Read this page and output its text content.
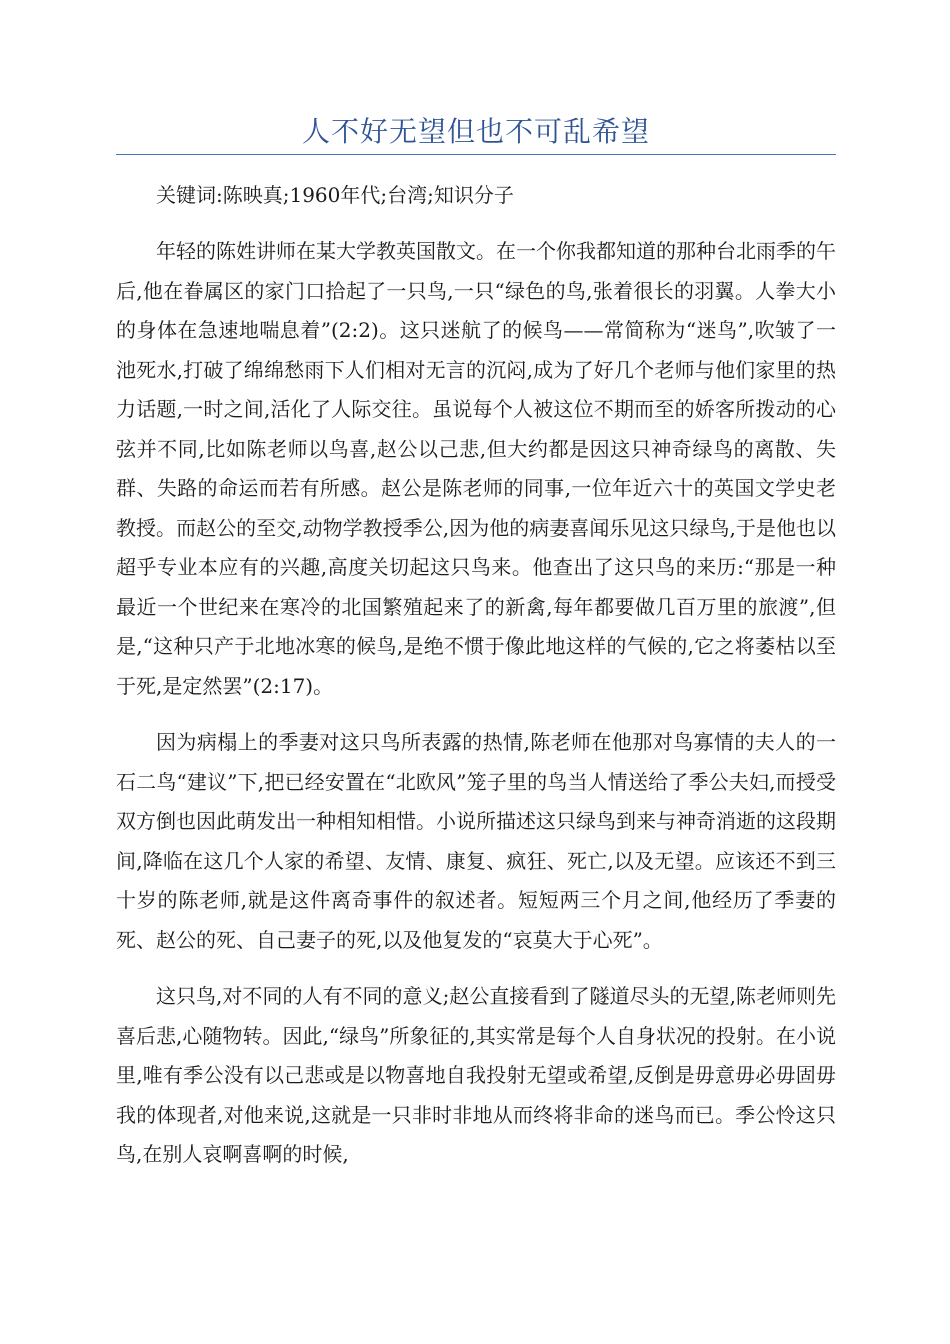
人不好无望但也不可乱希望

关键词:陈映真;1960年代;台湾;知识分子

年轻的陈姓讲师在某大学教英国散文。在一个你我都知道的那种台北雨季的午后,他在眷属区的家门口拾起了一只鸟,一只“绿色的鸟,张着很长的羽翼。人拳大小的身体在急速地喘息着”(2:2)。这只迷航了的候鸟——常简称为“迷鸟”,吹皱了一池死水,打破了绵绵愁雨下人们相对无言的沉闷,成为了好几个老师与他们家里的热力话题,一时之间,活化了人际交往。虽说每个人被这位不期而至的娇客所拨动的心弦并不同,比如陈老师以鸟喜,赵公以己悲,但大约都是因这只神奇绿鸟的离散、失群、失路的命运而若有所感。赵公是陈老师的同事,一位年近六十的英国文学史老教授。而赵公的至交,动物学教授季公,因为他的病妻喜闻乐见这只绿鸟,于是他也以超乎专业本应有的兴趣,高度关切起这只鸟来。他查出了这只鸟的来历:“那是一种最近一个世纪来在寒冷的北国繁殖起来了的新禽,每年都要做几百万里的旅渡”,但是,“这种只产于北地冰寒的候鸟,是绝不惯于像此地这样的气候的,它之将萎枯以至于死,是定然罢”(2:17)。

因为病榻上的季妻对这只鸟所表露的热情,陈老师在他那对鸟寡情的夫人的一石二鸟“建议”下,把已经安置在“北欧风”笼子里的鸟当人情送给了季公夫妇,而授受双方倒也因此萌发出一种相知相惜。小说所描述这只绿鸟到来与神奇消逝的这段期间,降临在这几个人家的希望、友情、康复、疯狂、死亡,以及无望。应该还不到三十岁的陈老师,就是这件离奇事件的叙述者。短短两三个月之间,他经历了季妻的死、赵公的死、自己妻子的死,以及他复发的“哀莫大于心死”。

这只鸟,对不同的人有不同的意义;赵公直接看到了隧道尽头的无望,陈老师则先喜后悲,心随物转。因此,“绿鸟”所象征的,其实常是每个人自身状况的投射。在小说里,唯有季公没有以己悲或是以物喜地自我投射无望或希望,反倒是毋意毋必毋固毋我的体现者,对他来说,这就是一只非时非地从而终将非命的迷鸟而已。季公怜这只鸟,在别人哀啊喜啊的时候,
